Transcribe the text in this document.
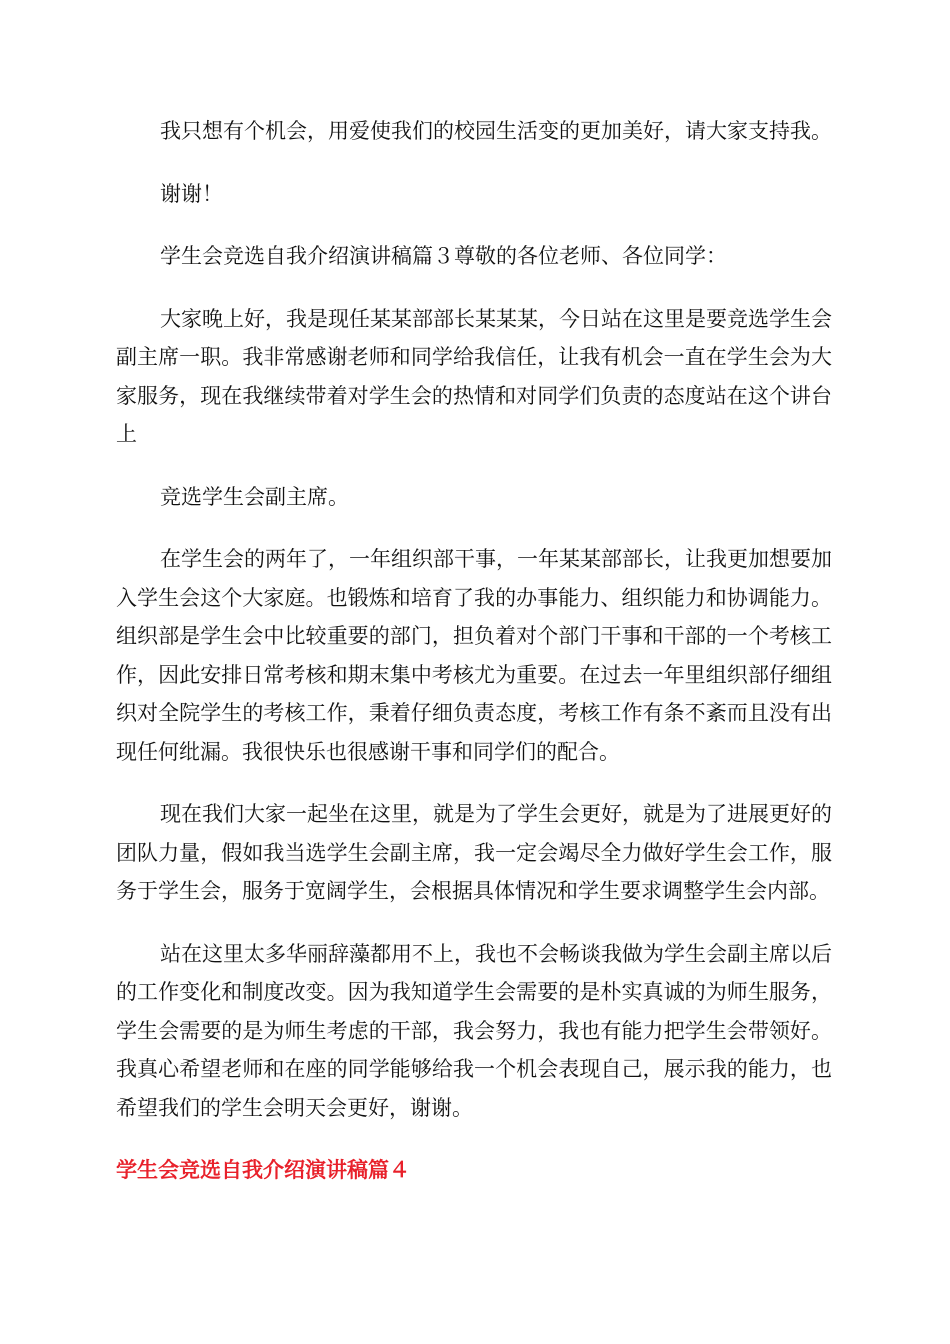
我只想有个机会，用爱使我们的校园生活变的更加美好，请大家支持我。

谢谢！

学生会竞选自我介绍演讲稿篇３尊敬的各位老师、各位同学：

大家晚上好，我是现任某某部部长某某某，今日站在这里是要竞选学生会副主席一职。我非常感谢老师和同学给我信任，让我有机会一直在学生会为大家服务，现在我继续带着对学生会的热情和对同学们负责的态度站在这个讲台上

竞选学生会副主席。

在学生会的两年了，一年组织部干事，一年某某部部长，让我更加想要加入学生会这个大家庭。也锻炼和培育了我的办事能力、组织能力和协调能力。组织部是学生会中比较重要的部门，担负着对个部门干事和干部的一个考核工作，因此安排日常考核和期末集中考核尤为重要。在过去一年里组织部仔细组织对全院学生的考核工作，秉着仔细负责态度，考核工作有条不紊而且没有出现任何纰漏。我很快乐也很感谢干事和同学们的配合。

现在我们大家一起坐在这里，就是为了学生会更好，就是为了进展更好的团队力量，假如我当选学生会副主席，我一定会竭尽全力做好学生会工作，服务于学生会，服务于宽阔学生，会根据具体情况和学生要求调整学生会内部。

站在这里太多华丽辞藻都用不上，我也不会畅谈我做为学生会副主席以后的工作变化和制度改变。因为我知道学生会需要的是朴实真诚的为师生服务，学生会需要的是为师生考虑的干部，我会努力，我也有能力把学生会带领好。我真心希望老师和在座的同学能够给我一个机会表现自己，展示我的能力，也希望我们的学生会明天会更好，谢谢。

学生会竞选自我介绍演讲稿篇４
